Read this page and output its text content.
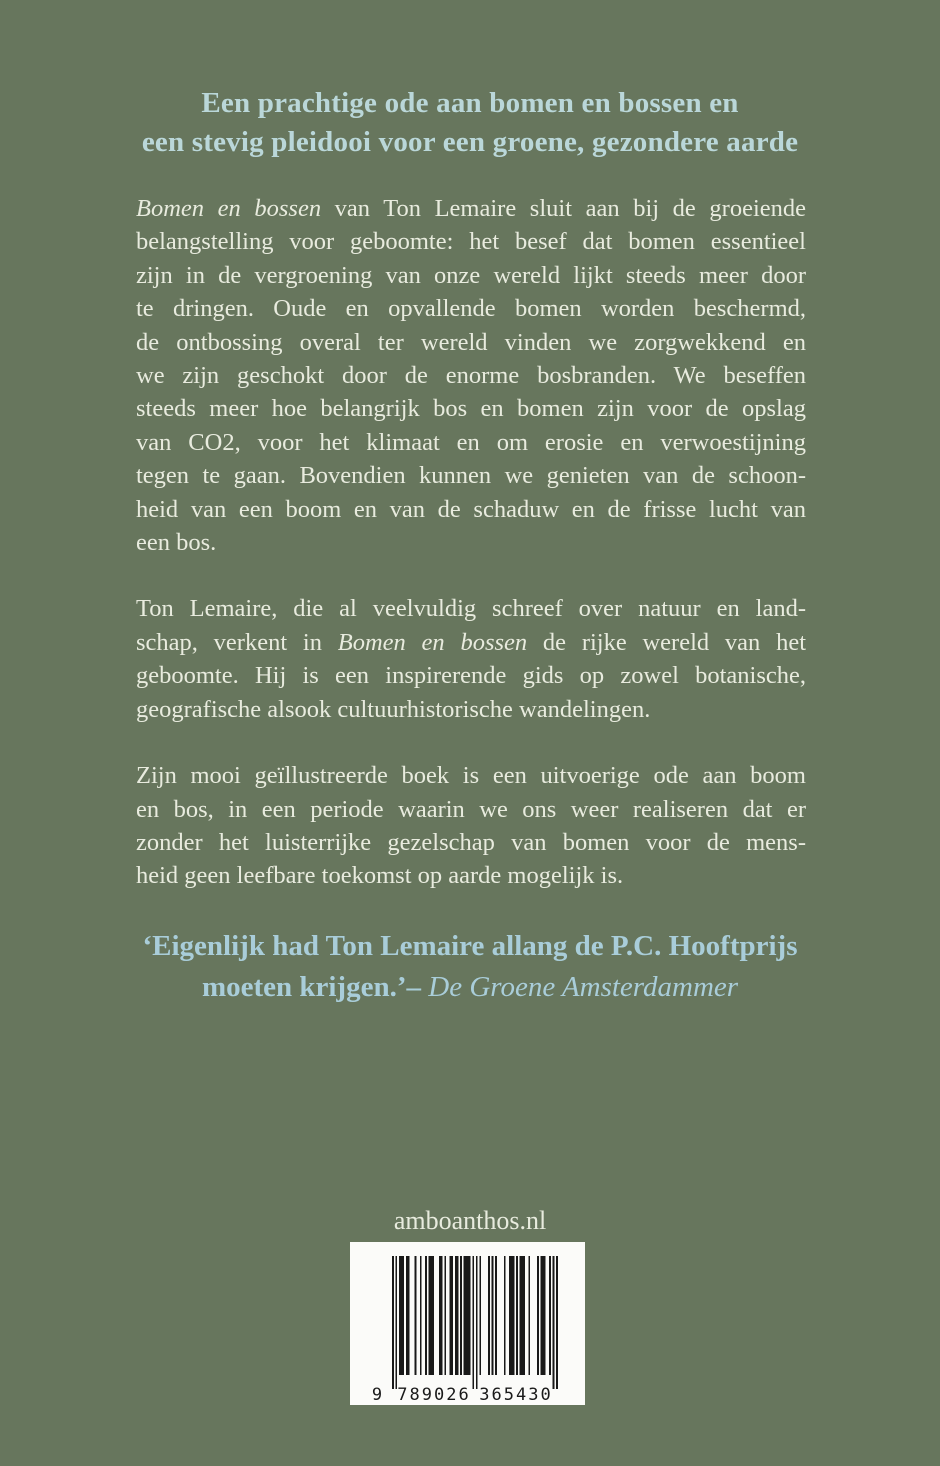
Een prachtige ode aan bomen en bossen en
een stevig pleidooi voor een groene, gezondere aarde
Bomen en bossen van Ton Lemaire sluit aan bij de groeiende
belangstelling voor geboomte: het besef dat bomen essentieel
zijn in de vergroening van onze wereld lijkt steeds meer door
te dringen. Oude en opvallende bomen worden beschermd,
de ontbossing overal ter wereld vinden we zorgwekkend en
we zijn geschokt door de enorme bosbranden. We beseffen
steeds meer hoe belangrijk bos en bomen zijn voor de opslag
van CO2, voor het klimaat en om erosie en verwoestijning
tegen te gaan. Bovendien kunnen we genieten van de schoon-
heid van een boom en van de schaduw en de frisse lucht van
een bos.
Ton Lemaire, die al veelvuldig schreef over natuur en land-
schap, verkent in Bomen en bossen de rijke wereld van het
geboomte. Hij is een inspirerende gids op zowel botanische,
geografische alsook cultuurhistorische wandelingen.
Zijn mooi geïllustreerde boek is een uitvoerige ode aan boom
en bos, in een periode waarin we ons weer realiseren dat er
zonder het luisterrijke gezelschap van bomen voor de mens-
heid geen leefbare toekomst op aarde mogelijk is.
‘Eigenlijk had Ton Lemaire allang de P.C. Hooftprijs
moeten krijgen.’– De Groene Amsterdammer
amboanthos.nl
9 789026 365430
